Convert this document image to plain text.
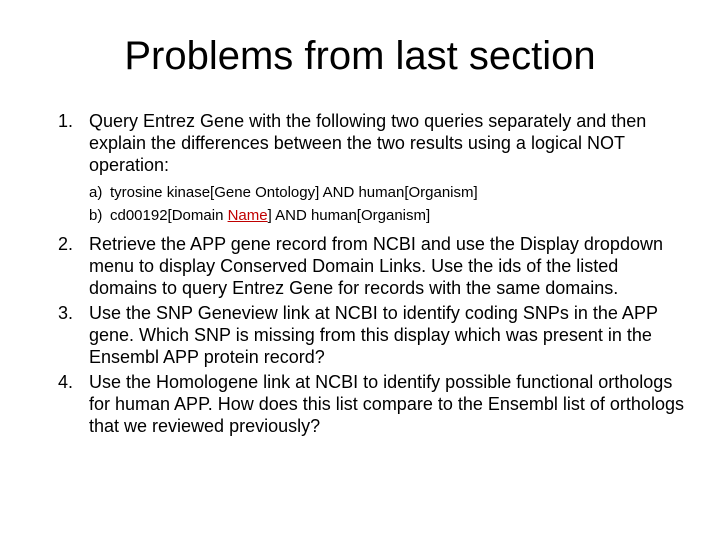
Problems from last section
1. Query Entrez Gene with the following two queries separately and then explain the differences between the two results using a logical NOT operation:
a) tyrosine kinase[Gene Ontology] AND human[Organism]
b) cd00192[Domain Name] AND human[Organism]
2. Retrieve the APP gene record from NCBI and use the Display dropdown menu to display Conserved Domain Links. Use the ids of the listed domains to query Entrez Gene for records with the same domains.
3. Use the SNP Geneview link at NCBI to identify coding SNPs in the APP gene. Which SNP is missing from this display which was present in the Ensembl APP protein record?
4. Use the Homologene link at NCBI to identify possible functional orthologs for human APP. How does this list compare to the Ensembl list of orthologs that we reviewed previously?
